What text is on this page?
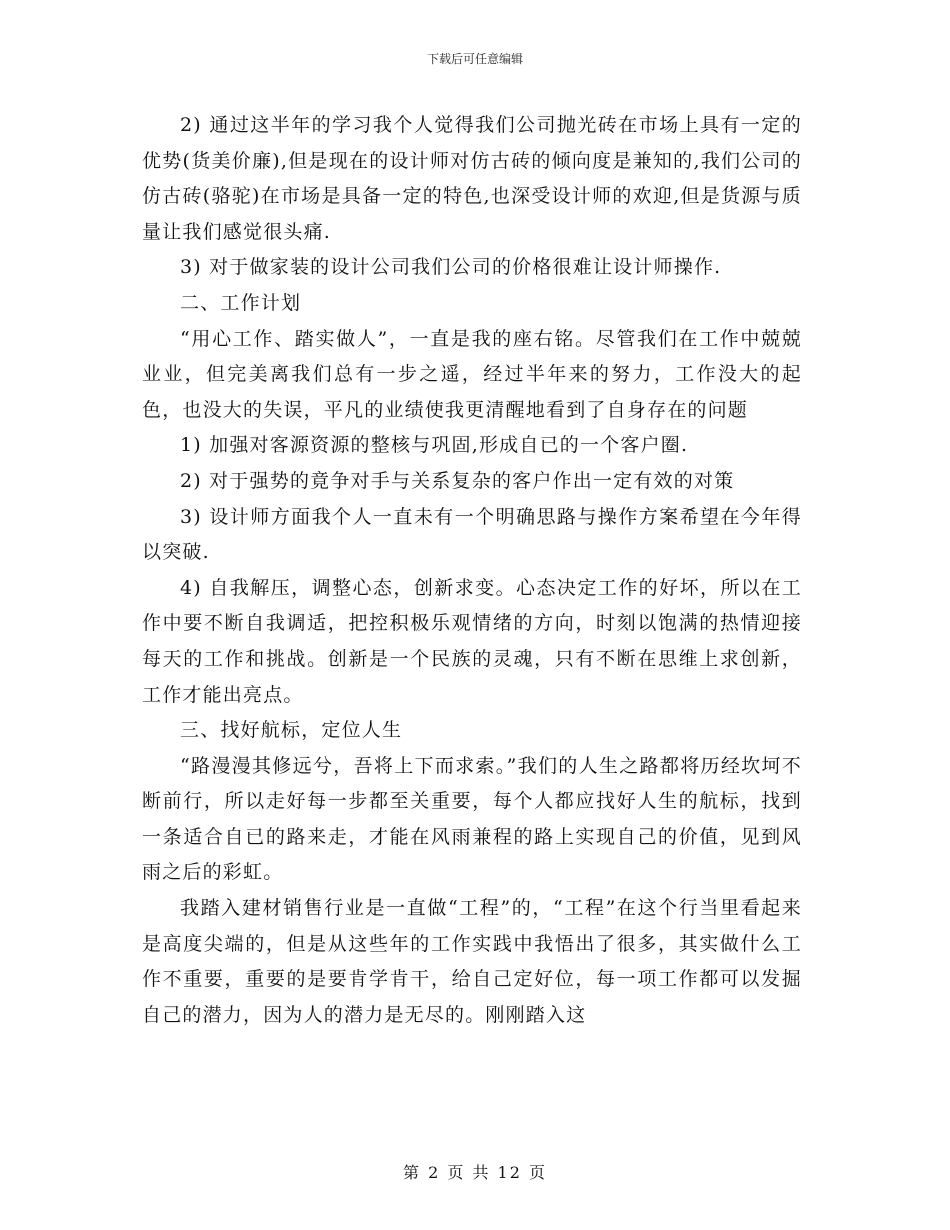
下载后可任意编辑

2) 通过这半年的学习我个人觉得我们公司抛光砖在市场上具有一定的优势(货美价廉),但是现在的设计师对仿古砖的倾向度是兼知的,我们公司的仿古砖(骆驼)在市场是具备一定的特色,也深受设计师的欢迎,但是货源与质量让我们感觉很头痛.

3) 对于做家装的设计公司我们公司的价格很难让设计师操作.

二、工作计划

“用心工作、踏实做人”，一直是我的座右铭。尽管我们在工作中兢兢业业，但完美离我们总有一步之遥，经过半年来的努力，工作没大的起色，也没大的失误，平凡的业绩使我更清醒地看到了自身存在的问题

1) 加强对客源资源的整核与巩固,形成自已的一个客户圈.

2) 对于强势的竟争对手与关系复杂的客户作出一定有效的对策

3) 设计师方面我个人一直未有一个明确思路与操作方案希望在今年得以突破.

4) 自我解压，调整心态，创新求变。心态决定工作的好坏，所以在工作中要不断自我调适，把控积极乐观情绪的方向，时刻以饱满的热情迎接每天的工作和挑战。创新是一个民族的灵魂，只有不断在思维上求创新，工作才能出亮点。

三、找好航标，定位人生

“路漫漫其修远兮，吾将上下而求索。”我们的人生之路都将历经坎坷不断前行，所以走好每一步都至关重要，每个人都应找好人生的航标，找到一条适合自已的路来走，才能在风雨兼程的路上实现自己的价值，见到风雨之后的彩虹。

我踏入建材销售行业是一直做“工程”的，“工程”在这个行当里看起来是高度尖端的，但是从这些年的工作实践中我悟出了很多，其实做什么工作不重要，重要的是要肯学肯干，给自己定好位，每一项工作都可以发掘自己的潜力，因为人的潜力是无尽的。刚刚踏入这

第 2 页 共 12 页
